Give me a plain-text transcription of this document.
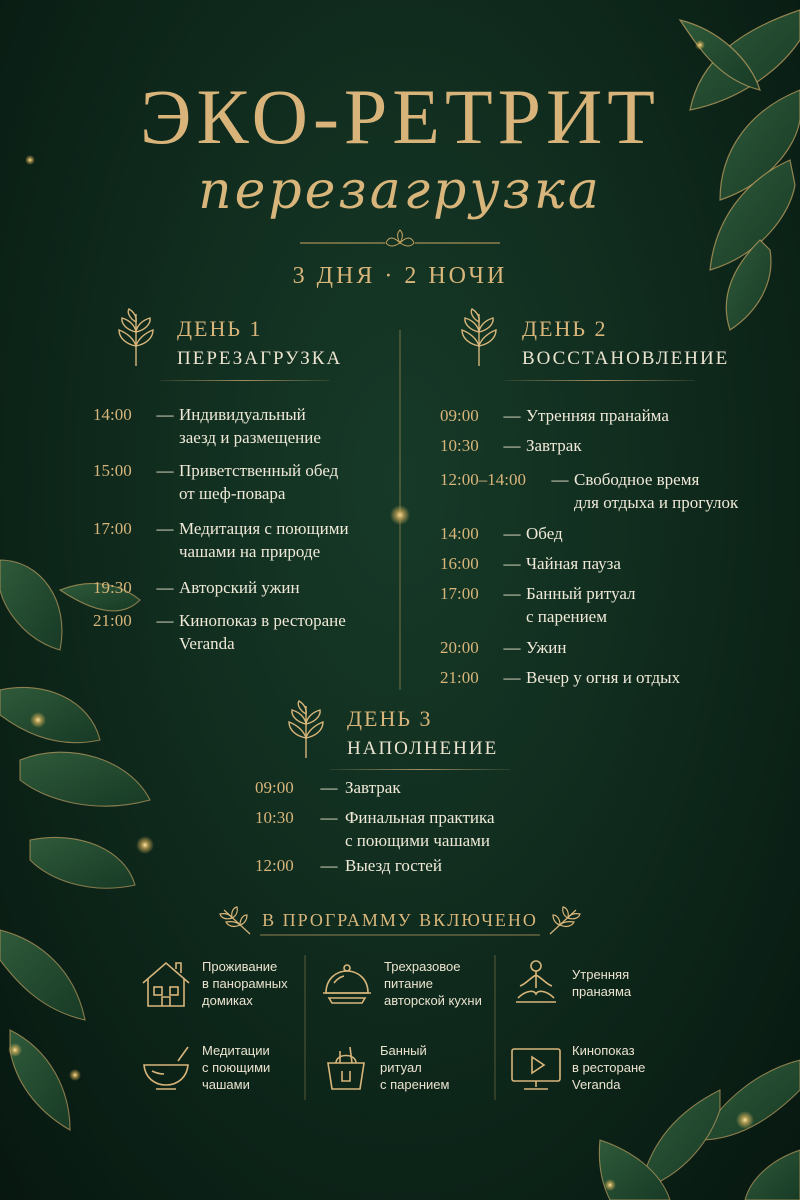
ЭКО-РЕТРИТ
перезагрузка
3 ДНЯ · 2 НОЧИ
ДЕНЬ 1
ПЕРЕЗАГРУЗКА
14:00	— Индивидуальный
заезд и размещение
15:00	— Приветственный обед
от шеф-повара
17:00	— Медитация с поющими
чашами на природе
19:30	— Авторский ужин
21:00	— Кинопоказ в ресторане
Veranda
ДЕНЬ 2
ВОССТАНОВЛЕНИЕ
09:00	— Утренняя пранайма
10:30	— Завтрак
12:00–14:00	— Свободное время
для отдыха и прогулок
14:00	— Обед
16:00	— Чайная пауза
17:00	— Банный ритуал
с парением
20:00	— Ужин
21:00	— Вечер у огня и отдых
ДЕНЬ 3
НАПОЛНЕНИЕ
09:00	— Завтрак
10:30	— Финальная практика
с поющими чашами
12:00	— Выезд гостей
В ПРОГРАММУ ВКЛЮЧЕНО
Проживание
в панорамных
домиках
Трехразовое
питание
авторской кухни
Утренняя
пранаяма
Медитации
с поющими
чашами
Банный
ритуал
с парением
Кинопоказ
в ресторане
Veranda
